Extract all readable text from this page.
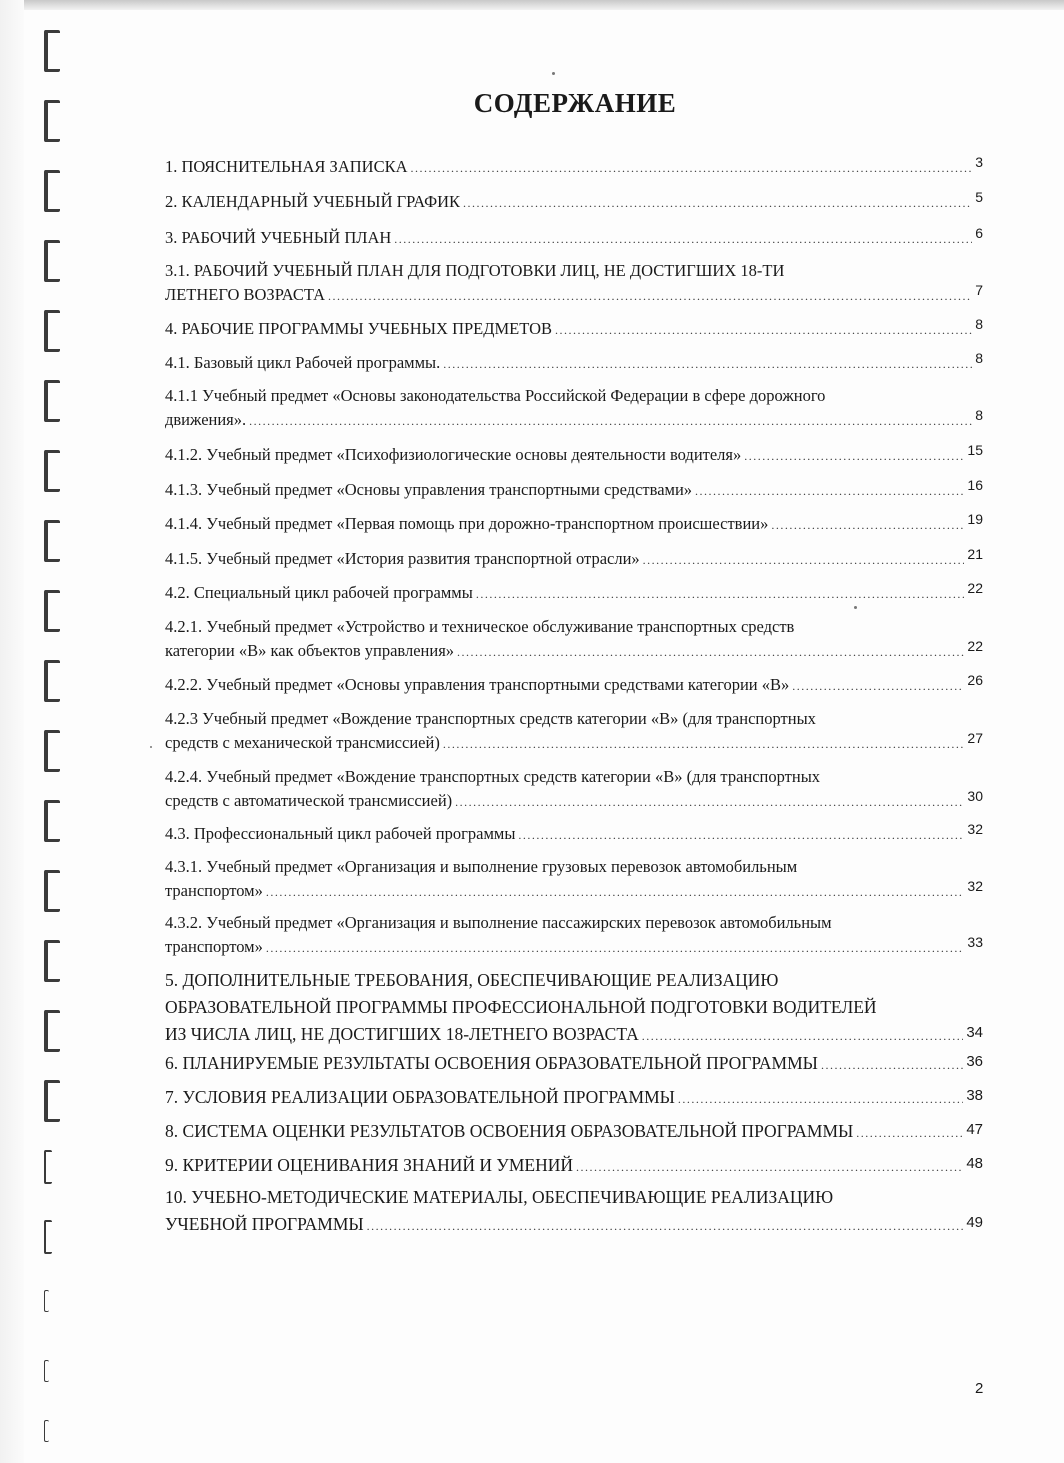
СОДЕРЖАНИЕ
1. ПОЯСНИТЕЛЬНАЯ ЗАПИСКА .....	3
2. КАЛЕНДАРНЫЙ УЧЕБНЫЙ ГРАФИК .....	5
3. РАБОЧИЙ УЧЕБНЫЙ ПЛАН .....	6
3.1. РАБОЧИЙ УЧЕБНЫЙ ПЛАН ДЛЯ ПОДГОТОВКИ ЛИЦ, НЕ ДОСТИГШИХ 18-ТИ
ЛЕТНЕГО ВОЗРАСТА .....	7
4. РАБОЧИЕ ПРОГРАММЫ УЧЕБНЫХ ПРЕДМЕТОВ .....	8
4.1. Базовый цикл Рабочей программы. .....	8
4.1.1 Учебный предмет «Основы законодательства Российской Федерации в сфере дорожного
движения». .....	8
4.1.2. Учебный предмет «Психофизиологические основы деятельности водителя» .....	15
4.1.3. Учебный предмет «Основы управления транспортными средствами» .....	16
4.1.4. Учебный предмет «Первая помощь при дорожно-транспортном происшествии» .....	19
4.1.5. Учебный предмет «История развития транспортной отрасли» .....	21
4.2. Специальный цикл рабочей программы .....	22
4.2.1. Учебный предмет «Устройство и техническое обслуживание транспортных средств
категории «В» как объектов управления» .....	22
4.2.2. Учебный предмет «Основы управления транспортными средствами категории «В» .....	26
4.2.3 Учебный предмет «Вождение транспортных средств категории «В» (для транспортных
средств с механической трансмиссией) .....	27
4.2.4. Учебный предмет «Вождение транспортных средств категории «В» (для транспортных
средств с автоматической трансмиссией) .....	30
4.3. Профессиональный цикл рабочей программы .....	32
4.3.1. Учебный предмет «Организация и выполнение грузовых перевозок автомобильным
транспортом» .....	32
4.3.2. Учебный предмет «Организация и выполнение пассажирских перевозок автомобильным
транспортом» .....	33
5. ДОПОЛНИТЕЛЬНЫЕ ТРЕБОВАНИЯ, ОБЕСПЕЧИВАЮЩИЕ РЕАЛИЗАЦИЮ
ОБРАЗОВАТЕЛЬНОЙ ПРОГРАММЫ ПРОФЕССИОНАЛЬНОЙ ПОДГОТОВКИ ВОДИТЕЛЕЙ
ИЗ ЧИСЛА ЛИЦ, НЕ ДОСТИГШИХ 18-ЛЕТНЕГО ВОЗРАСТА .....	34
6. ПЛАНИРУЕМЫЕ РЕЗУЛЬТАТЫ ОСВОЕНИЯ ОБРАЗОВАТЕЛЬНОЙ ПРОГРАММЫ .....	36
7. УСЛОВИЯ РЕАЛИЗАЦИИ ОБРАЗОВАТЕЛЬНОЙ ПРОГРАММЫ .....	38
8. СИСТЕМА ОЦЕНКИ РЕЗУЛЬТАТОВ ОСВОЕНИЯ ОБРАЗОВАТЕЛЬНОЙ ПРОГРАММЫ .....	47
9. КРИТЕРИИ ОЦЕНИВАНИЯ ЗНАНИЙ И УМЕНИЙ .....	48
10. УЧЕБНО-МЕТОДИЧЕСКИЕ МАТЕРИАЛЫ, ОБЕСПЕЧИВАЮЩИЕ РЕАЛИЗАЦИЮ
УЧЕБНОЙ ПРОГРАММЫ .....	49
2
